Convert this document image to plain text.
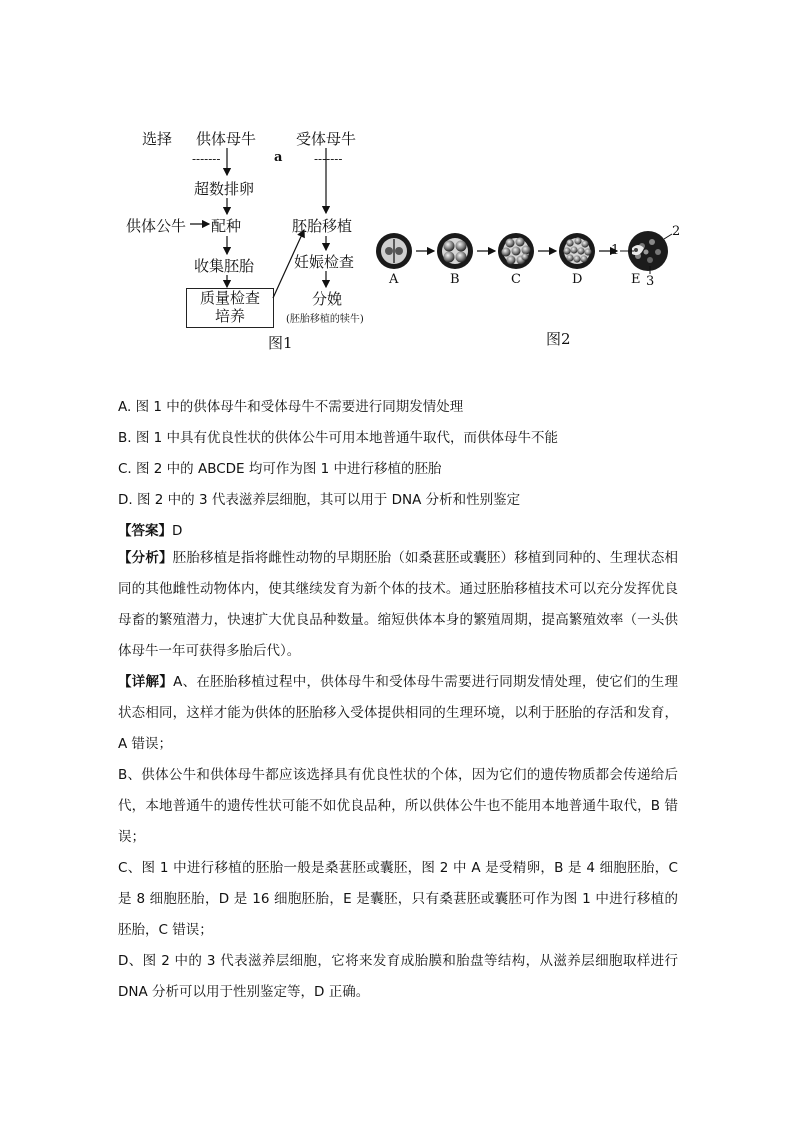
选择 供体母牛	受体母牛
-------	a	-------
超数排卵
供体公牛 配种	胚胎移植
收集胚胎	妊娠检查
质量检查
培养
分娩
(胚胎移植的犊牛)
图1
A	B	C	D	E
1
2
3
图2
A. 图 1 中的供体母牛和受体母牛不需要进行同期发情处理
B. 图 1 中具有优良性状的供体公牛可用本地普通牛取代，而供体母牛不能
C. 图 2 中的 ABCDE 均可作为图 1 中进行移植的胚胎
D. 图 2 中的 3 代表滋养层细胞，其可以用于 DNA 分析和性别鉴定
【答案】D
【分析】胚胎移植是指将雌性动物的早期胚胎（如桑葚胚或囊胚）移植到同种的、生理状态相同的其他雌性动物体内，使其继续发育为新个体的技术。通过胚胎移植技术可以充分发挥优良母畜的繁殖潜力，快速扩大优良品种数量。缩短供体本身的繁殖周期，提高繁殖效率（一头供体母牛一年可获得多胎后代）。
【详解】A、在胚胎移植过程中，供体母牛和受体母牛需要进行同期发情处理，使它们的生理状态相同，这样才能为供体的胚胎移入受体提供相同的生理环境，以利于胚胎的存活和发育，A 错误；
B、供体公牛和供体母牛都应该选择具有优良性状的个体，因为它们的遗传物质都会传递给后代，本地普通牛的遗传性状可能不如优良品种，所以供体公牛也不能用本地普通牛取代，B 错误；
C、图 1 中进行移植的胚胎一般是桑葚胚或囊胚，图 2 中 A 是受精卵，B 是 4 细胞胚胎，C 是 8 细胞胚胎，D 是 16 细胞胚胎，E 是囊胚，只有桑葚胚或囊胚可作为图 1 中进行移植的胚胎，C 错误；
D、图 2 中的 3 代表滋养层细胞，它将来发育成胎膜和胎盘等结构，从滋养层细胞取样进行 DNA 分析可以用于性别鉴定等，D 正确。
